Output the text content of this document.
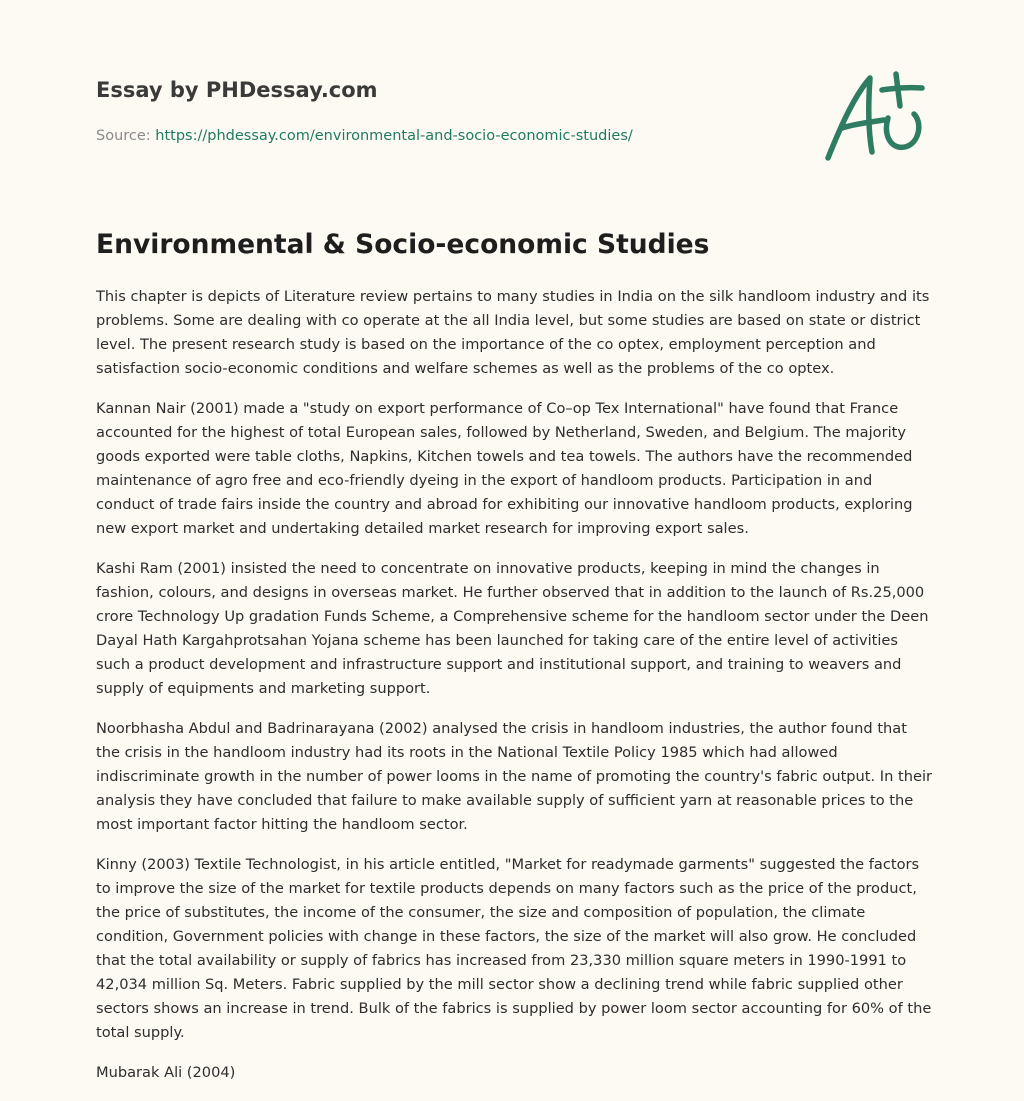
Essay by PHDessay.com
Source: https://phdessay.com/environmental-and-socio-economic-studies/
Environmental & Socio-economic Studies

This chapter is depicts of Literature review pertains to many studies in India on the silk handloom industry and its problems. Some are dealing with co operate at the all India level, but some studies are based on state or district level. The present research study is based on the importance of the co optex, employment perception and satisfaction socio-economic conditions and welfare schemes as well as the problems of the co optex.

Kannan Nair (2001) made a "study on export performance of Co–op Tex International" have found that France accounted for the highest of total European sales, followed by Netherland, Sweden, and Belgium. The majority goods exported were table cloths, Napkins, Kitchen towels and tea towels. The authors have the recommended maintenance of agro free and eco-friendly dyeing in the export of handloom products. Participation in and conduct of trade fairs inside the country and abroad for exhibiting our innovative handloom products, exploring new export market and undertaking detailed market research for improving export sales.

Kashi Ram (2001) insisted the need to concentrate on innovative products, keeping in mind the changes in fashion, colours, and designs in overseas market. He further observed that in addition to the launch of Rs.25,000 crore Technology Up gradation Funds Scheme, a Comprehensive scheme for the handloom sector under the Deen Dayal Hath Kargahprotsahan Yojana scheme has been launched for taking care of the entire level of activities such a product development and infrastructure support and institutional support, and training to weavers and supply of equipments and marketing support.

Noorbhasha Abdul and Badrinarayana (2002) analysed the crisis in handloom industries, the author found that the crisis in the handloom industry had its roots in the National Textile Policy 1985 which had allowed indiscriminate growth in the number of power looms in the name of promoting the country's fabric output. In their analysis they have concluded that failure to make available supply of sufficient yarn at reasonable prices to the most important factor hitting the handloom sector.

Kinny (2003) Textile Technologist, in his article entitled, "Market for readymade garments" suggested the factors to improve the size of the market for textile products depends on many factors such as the price of the product, the price of substitutes, the income of the consumer, the size and composition of population, the climate condition, Government policies with change in these factors, the size of the market will also grow. He concluded that the total availability or supply of fabrics has increased from 23,330 million square meters in 1990-1991 to 42,034 million Sq. Meters. Fabric supplied by the mill sector show a declining trend while fabric supplied other sectors shows an increase in trend. Bulk of the fabrics is supplied by power loom sector accounting for 60% of the total supply.

Mubarak Ali (2004)
